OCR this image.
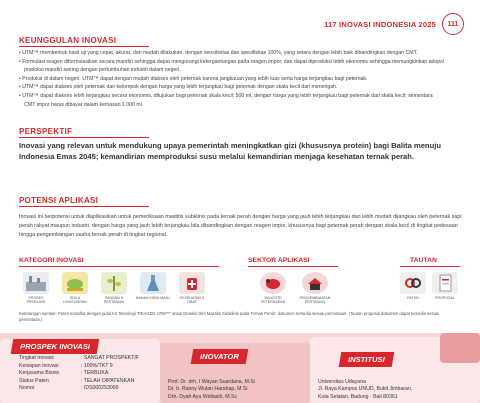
117 INOVASI INDONESIA 2025	111
KEUNGGULAN INOVASI
• UTM™ membentuk hasil uji yang cepat, akurat, dan mudah dilakukan, dengan sensitivitas dan spesifisitas 100%, yang setara dengan lebih baik dibandingkan dengan CMT.
• Formulasi reagen diformulasikan secara mandiri sehingga dapat mengurangi ketergantungan pada reagen impor, dan dapat diproduksi lebih ekonomis sehingga memungkinkan adopsi produksi mandiri seiring dengan pertumbuhan industri dalam negeri.
• Produksi di dalam negeri. UTM™ dapat dengan mudah diakses oleh peternak karena jangkauan yang lebih luas serta harga terjangkau bagi peternak.
• UTM™ dapat diakses oleh peternak dan kelompok dengan harga yang lebih terjangkau bagi peternak dengan skala kecil dan menengah.
• UTM™ dapat diakses lebih terjangkau secara ekonomis, ditujukan bagi peternak skala kecil: 500 ml, dengan harga yang lebih terjangkau bagi peternak dari skala kecil; sementara CMT impor harus dibayar dalam kemasan 1.000 ml.
PERSPEKTIF
Inovasi yang relevan untuk mendukung upaya pemerintah meningkatkan gizi (khususnya protein) bagi Balita menuju Indonesia Emas 2045; kemandirian memproduksi susu melalui kemandirian menjaga kesehatan ternak perah.
POTENSI APLIKASI
Inovasi ini berpotensi untuk diaplikasikan untuk pemeriksaan mastitis subklinis pada ternak perah dengan harga yang jauh lebih terjangkau dan lebih mudah dijangkau oleh peternak sapi perah rakyat maupun industri, dengan harga yang jauh lebih terjangkau bila dibandingkan dengan reagen impor, khususnya bagi peternak perah dengan skala kecil di tingkat pedesaan hingga pengembangan usaha ternak perah di tingkat regional.
KATEGORI INOVASI
PROSES PRODUKSI
SDA & LINGKUNGAN
PANGAN & PERTANIAN
BAHAN KIMIA MAJU	KESEHATAN & OBAT
SEKTOR APLIKASI
INDUSTRI PETERNAKAN
PENGEMBANGAN PERTANIAN
TAUTAN
PATEN	PROPOSAL
Keterangan sumber: Paten terdaftar dengan judul Kit Teknologi 'REAGEN UTM™' untuk Deteksi Dini Mastitis Subklinis pada Ternak Perah; dokumen tersedia sesuai permintaan. (Tautan proposal dokumen dapat tersedia sesuai permintaan.)
PROSPEK INOVASI
INOVATOR	INSTITUSI
Tingkat Inovasi	: SANGAT PROSPEKTIF
Kesiapan Inovasi	: 100%/TKT 9
Kerjasama Bisnis	: TERBUKA
Status Paten	: TELAH DIPATENKAN
Nomor	: IDS000253000
Prof. Dr. drh. I Wayan Suardana, M.Si
Dr. Ir. Ranny Wulan Harahap, M.Si
Drh. Dyah Ayu Widiasih, M.Sc
Universitas Udayana
Jl. Raya Kampus UNUD, Bukit Jimbaran,
Kuta Selatan, Badung - Bali 80361
